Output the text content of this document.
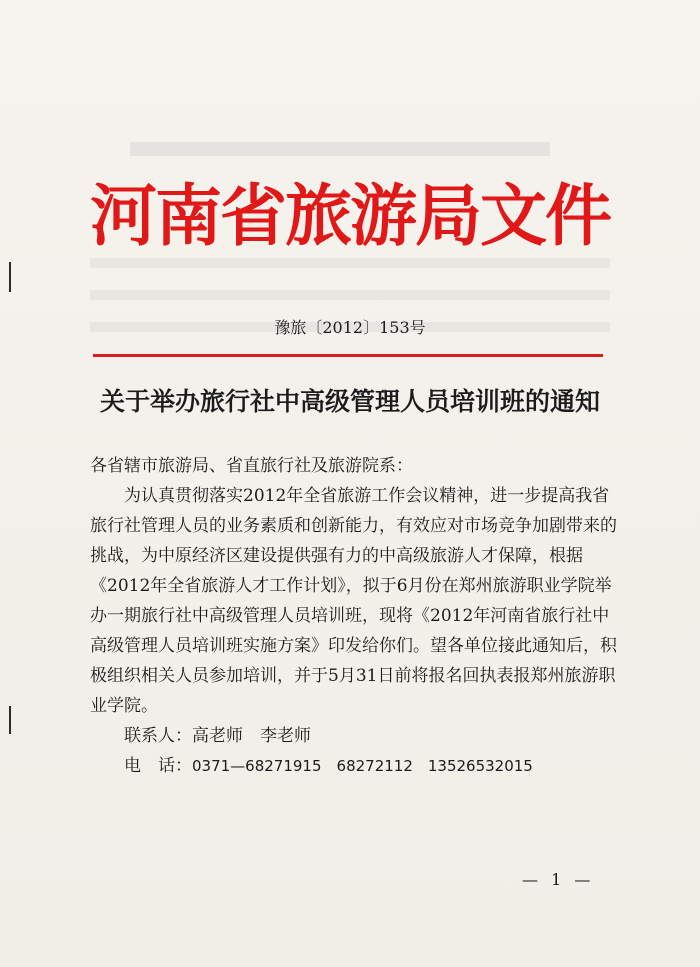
河南省旅游局文件
豫旅〔2012〕153号
关于举办旅行社中高级管理人员培训班的通知

各省辖市旅游局、省直旅行社及旅游院系：

为认真贯彻落实2012年全省旅游工作会议精神，进一步提高我省旅行社管理人员的业务素质和创新能力，有效应对市场竞争加剧带来的挑战，为中原经济区建设提供强有力的中高级旅游人才保障，根据《2012年全省旅游人才工作计划》，拟于6月份在郑州旅游职业学院举办一期旅行社中高级管理人员培训班，现将《2012年河南省旅行社中高级管理人员培训班实施方案》印发给你们。望各单位接此通知后，积极组织相关人员参加培训，并于5月31日前将报名回执表报郑州旅游职业学院。

联系人：高老师　李老师

电　话：0371—68271915　68272112　13526532015

— 1 —
